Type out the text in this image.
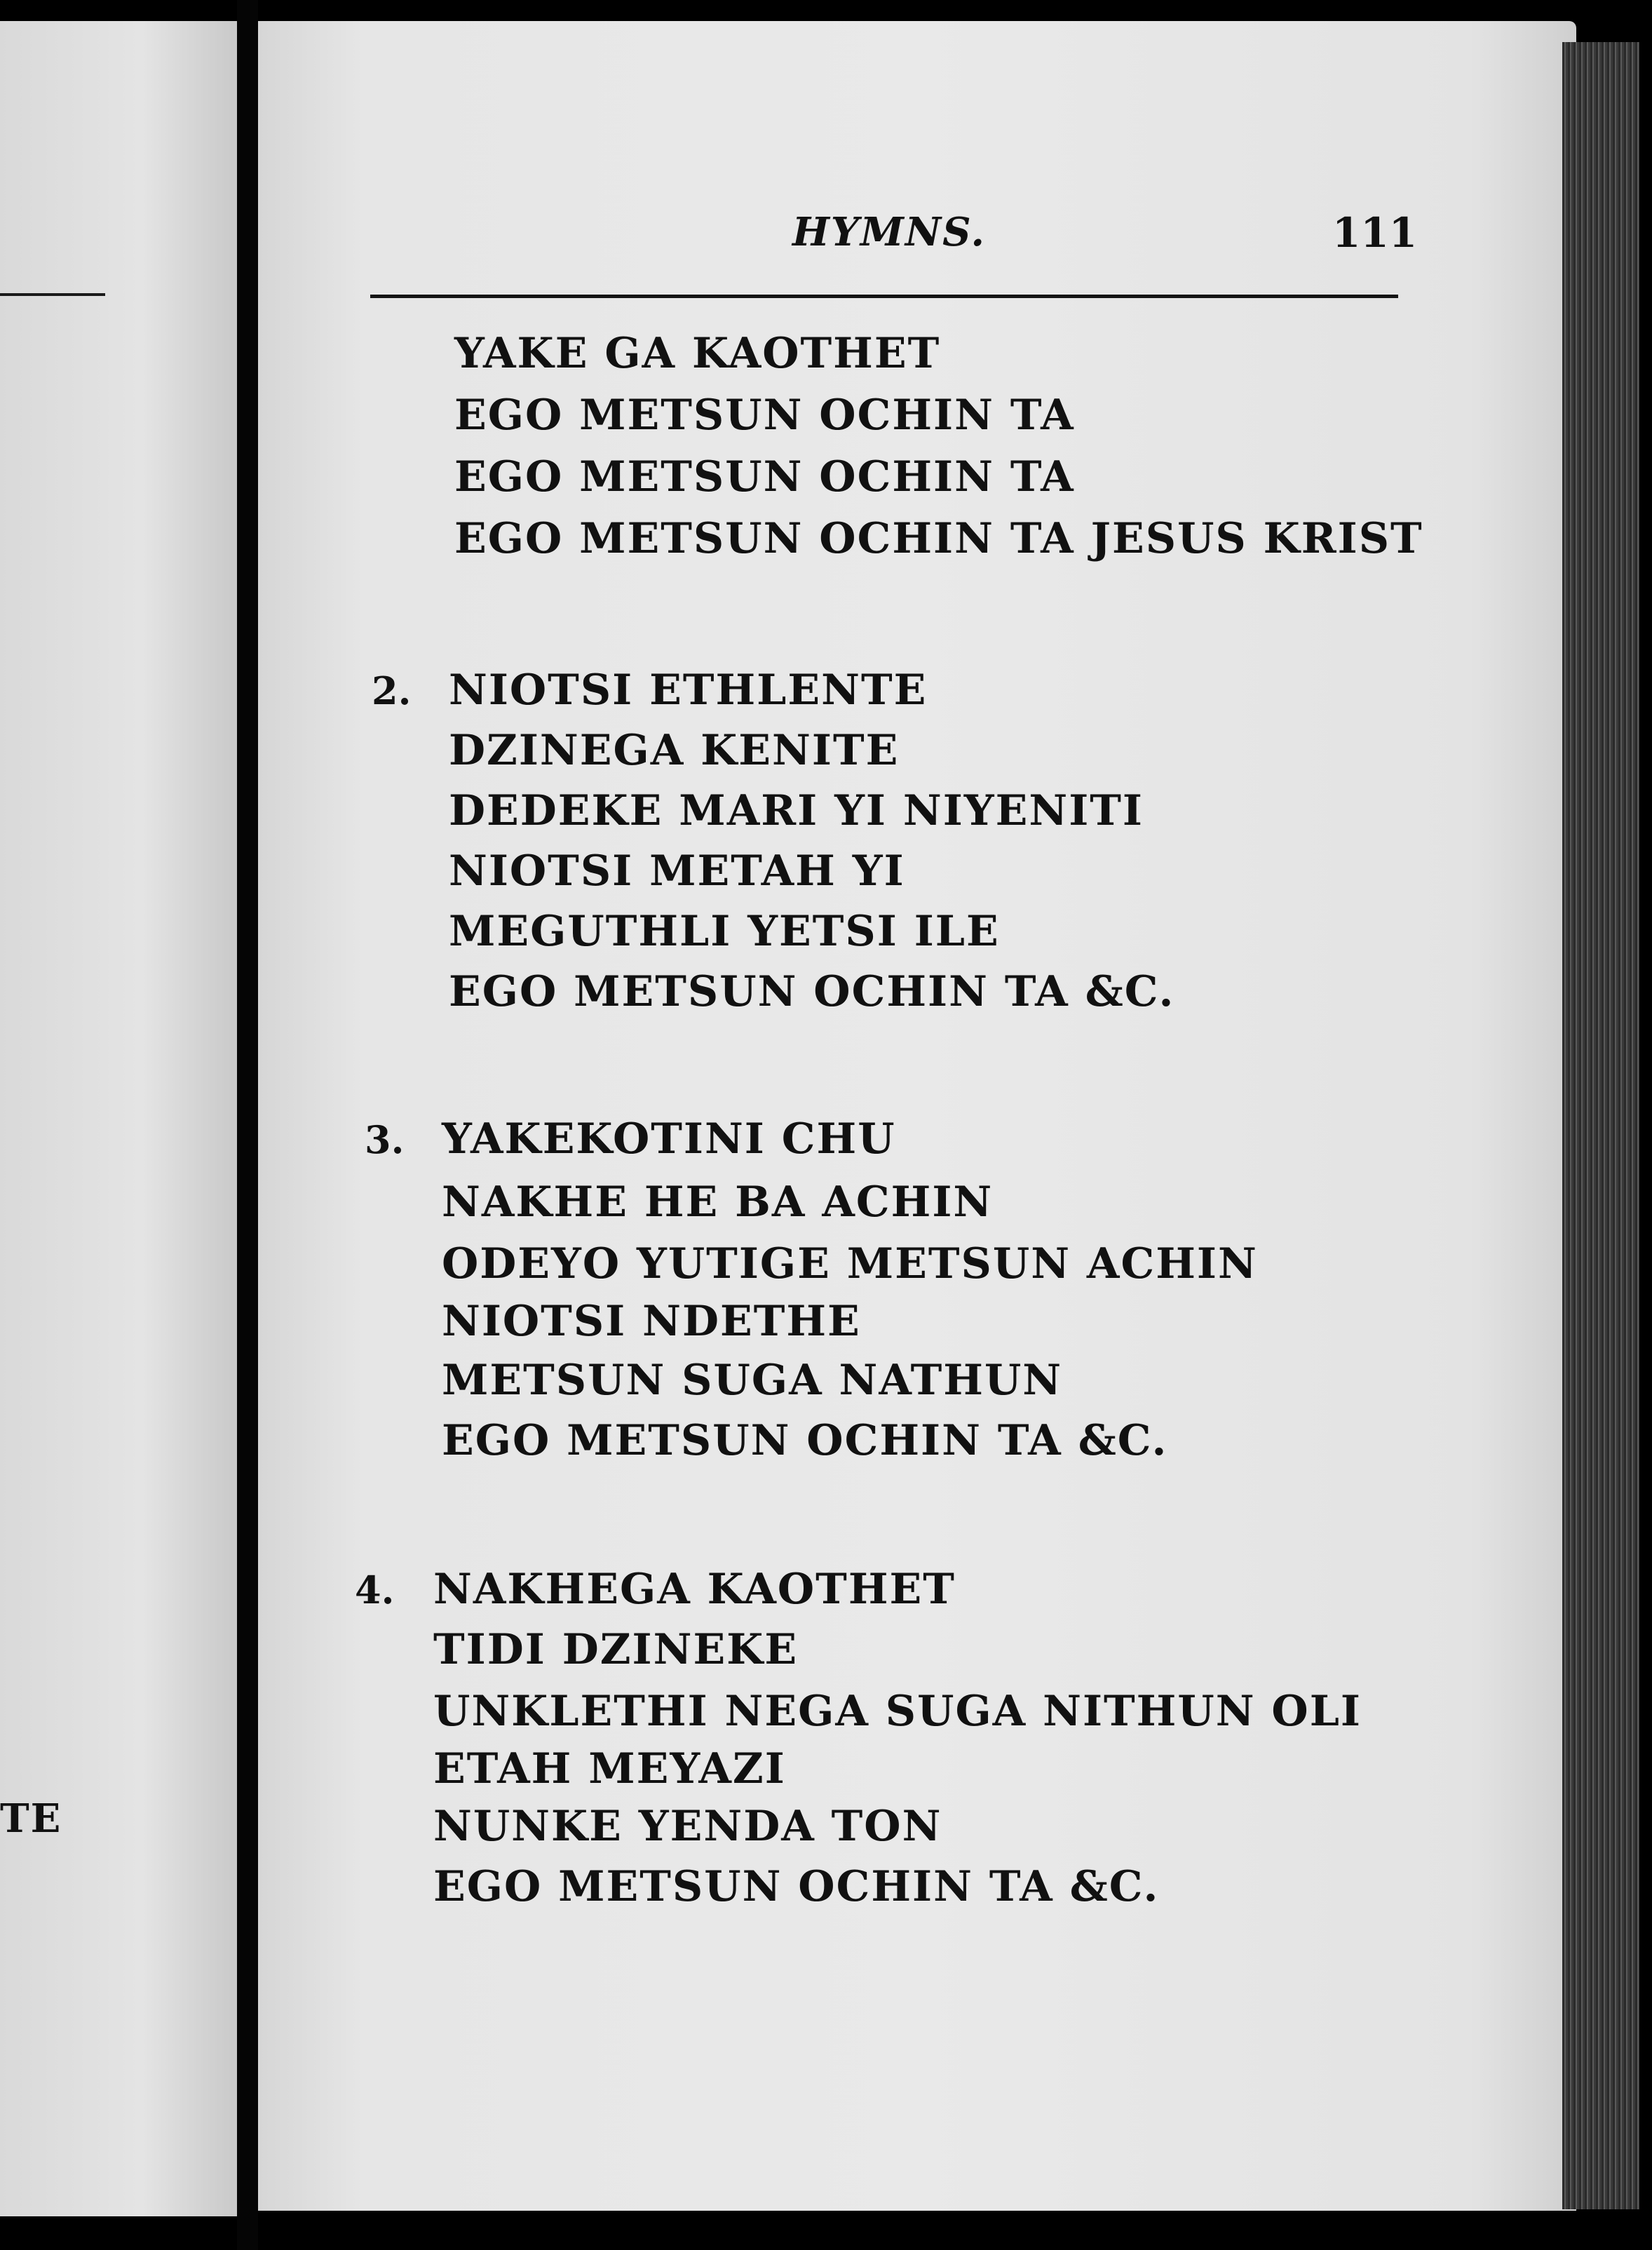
TE
HYMNS.	111
YAKE GA KAOTHET
EGO METSUN OCHIN TA
EGO METSUN OCHIN TA
EGO METSUN OCHIN TA JESUS KRIST
2. NIOTSI ETHLENTE
DZINEGA KENITE
DEDEKE MARI YI NIYENITI
NIOTSI METAH YI
MEGUTHLI YETSI ILE
EGO METSUN OCHIN TA &C.
3. YAKEKOTINI CHU
NAKHE HE BA ACHIN
ODEYO YUTIGE METSUN ACHIN
NIOTSI NDETHE
METSUN SUGA NATHUN
EGO METSUN OCHIN TA &C.
4. NAKHEGA KAOTHET
TIDI DZINEKE
UNKLETHI NEGA SUGA NITHUN OLI
ETAH MEYAZI
NUNKE YENDA TON
EGO METSUN OCHIN TA &C.
